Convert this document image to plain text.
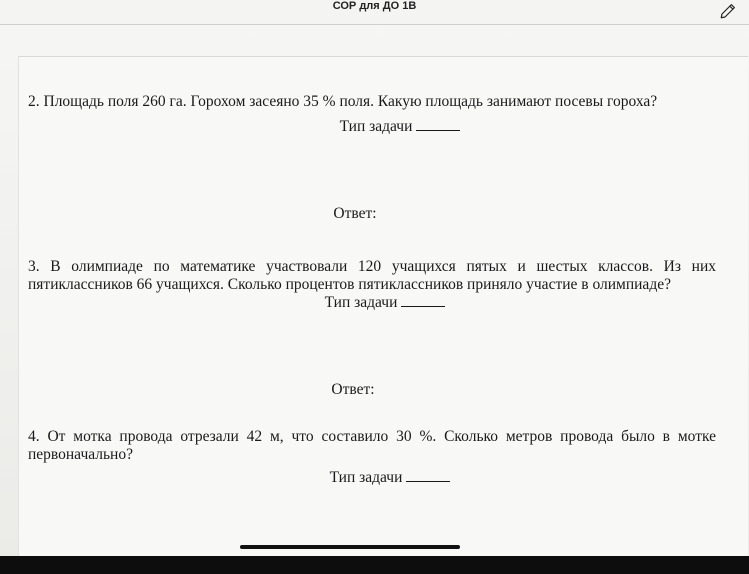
СОР для ДО 1В

2. Площадь поля 260 га. Горохом засеяно 35 % поля. Какую площадь занимают посевы гороха?

Тип задачи
Ответ:

3. В олимпиаде по математике участвовали 120 учащихся пятых и шестых классов. Из них пятиклассников 66 учащихся. Сколько процентов пятиклассников приняло участие в олимпиаде?

Тип задачи
Ответ:

4. От мотка провода отрезали 42 м, что составило 30 %. Сколько метров провода было в мотке первоначально?

Тип задачи
